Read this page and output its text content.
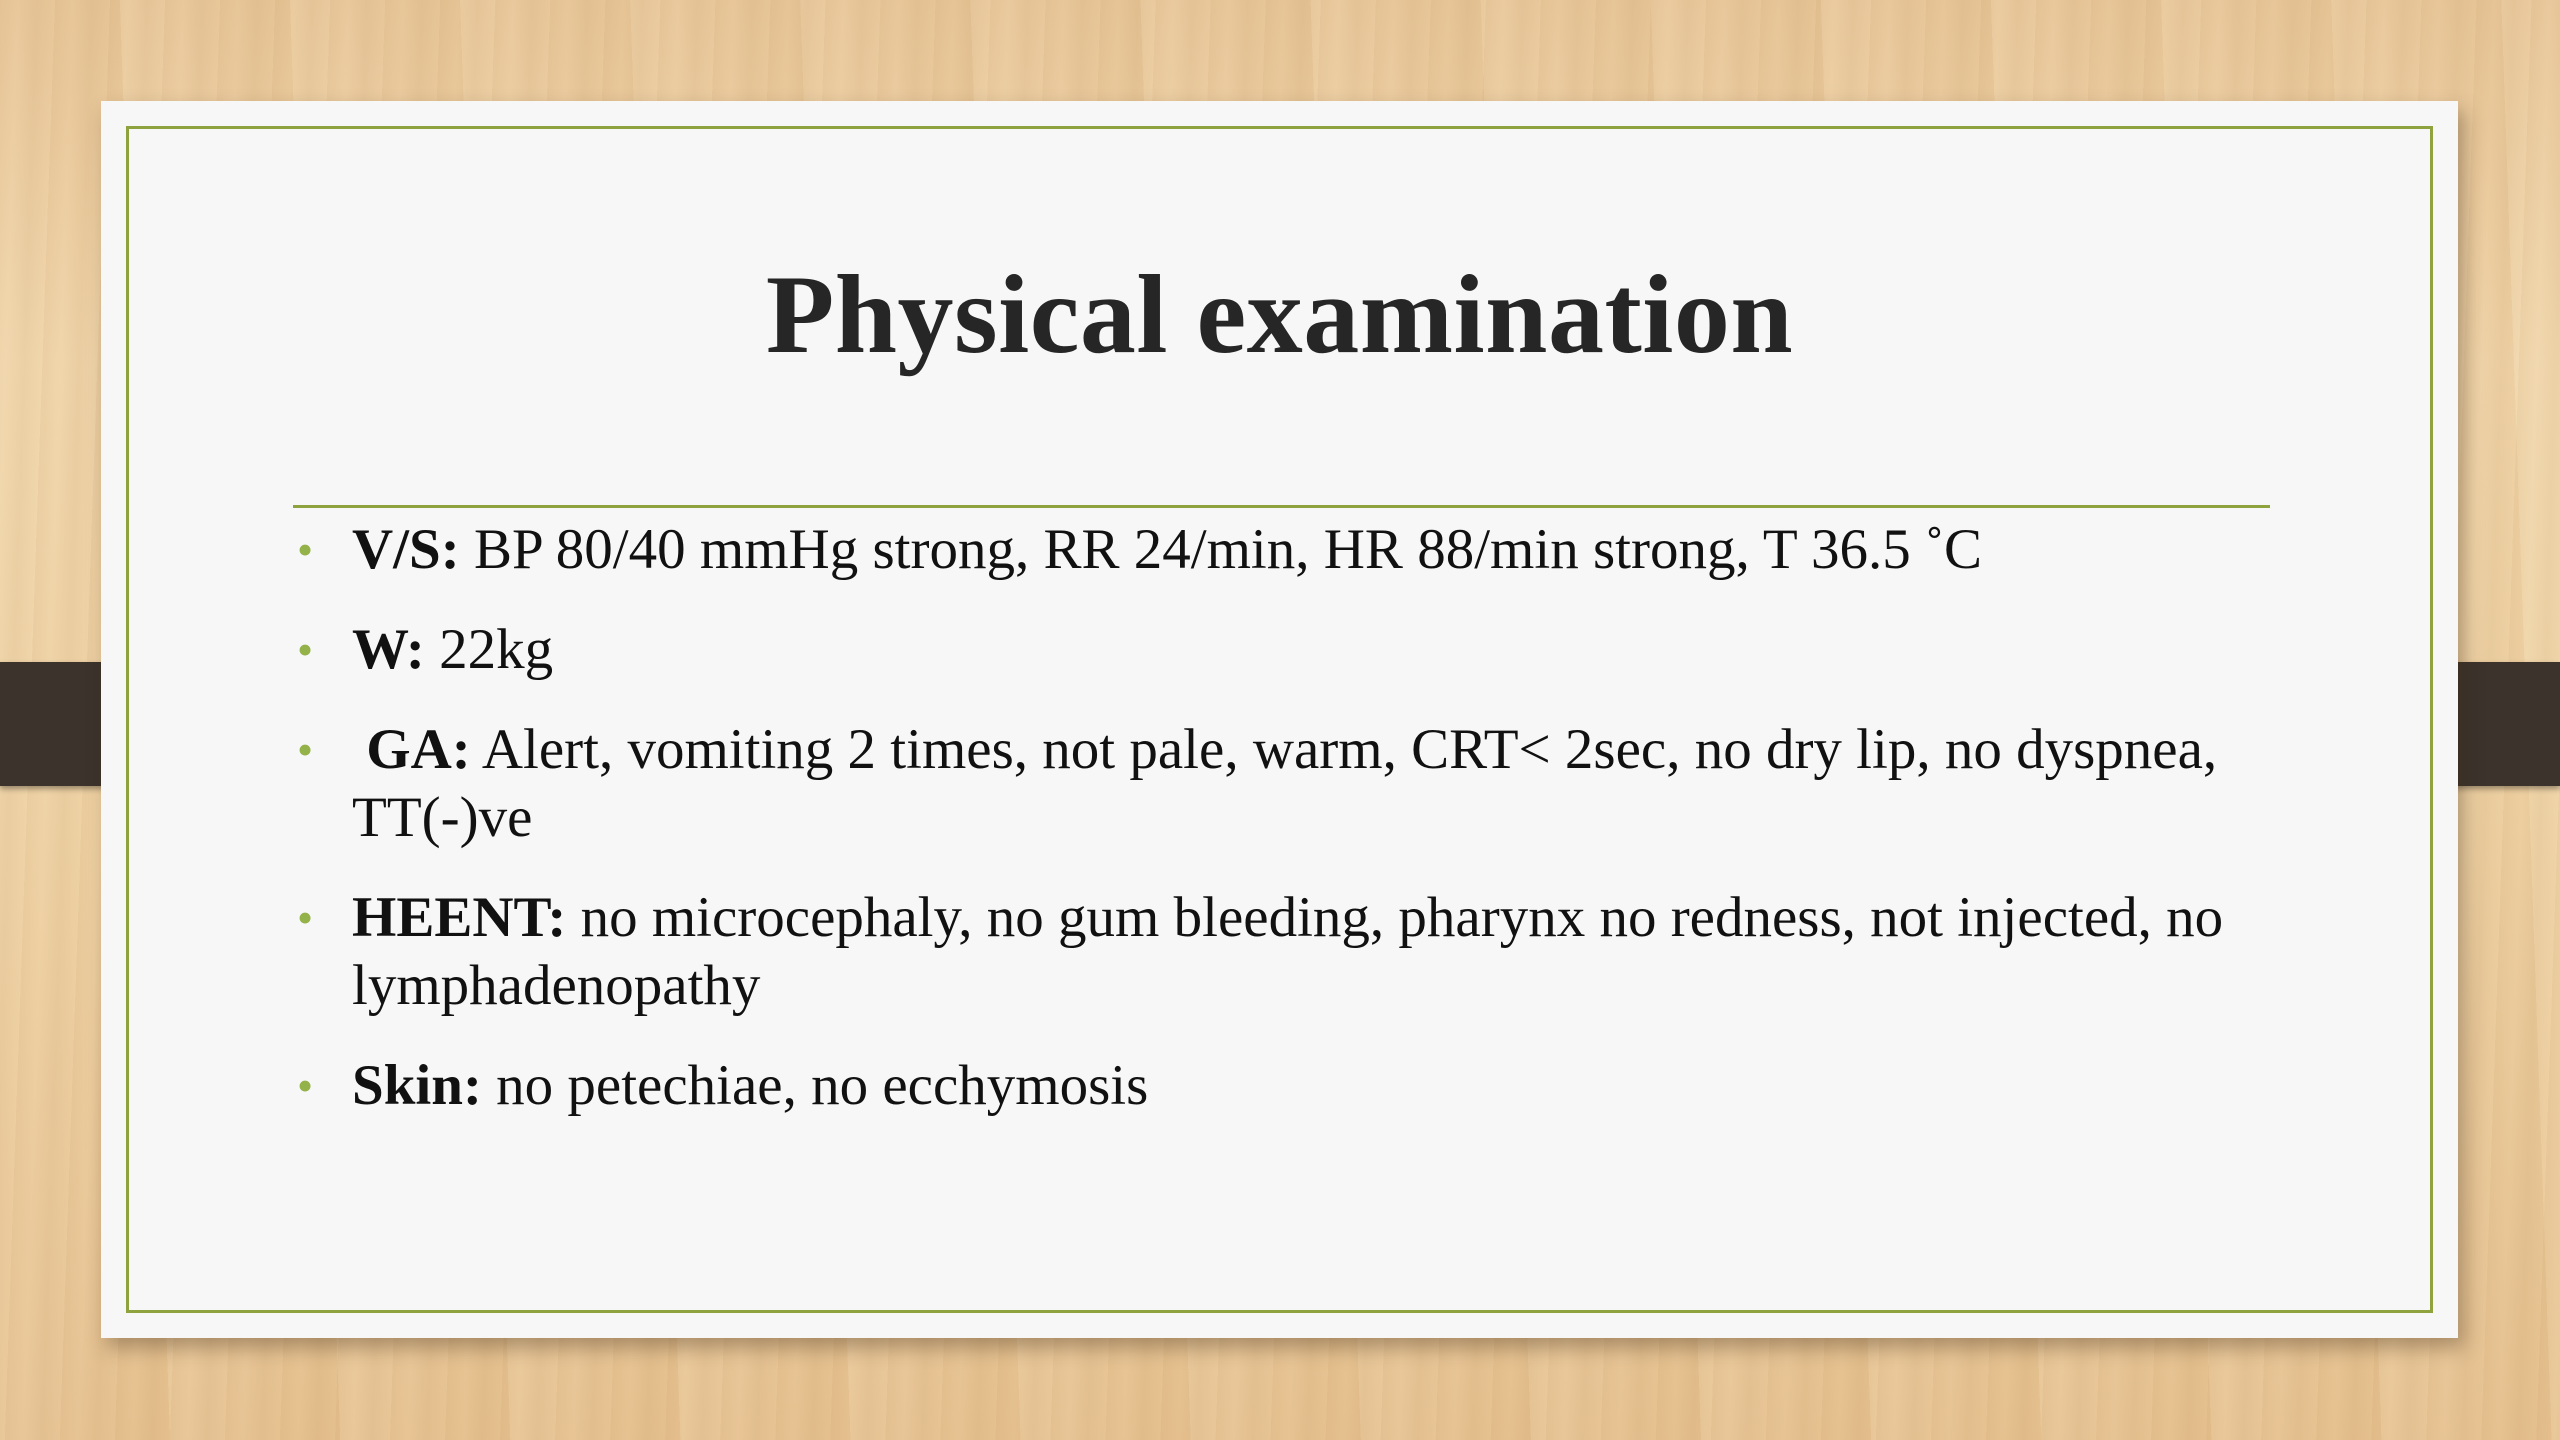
Physical examination
• V/S: BP 80/40 mmHg strong, RR 24/min, HR 88/min strong, T 36.5 ˚C
• W: 22kg
• GA: Alert, vomiting 2 times, not pale, warm, CRT< 2sec, no dry lip, no dyspnea, TT(-)ve
• HEENT: no microcephaly, no gum bleeding, pharynx no redness, not injected, no lymphadenopathy
• Skin: no petechiae, no ecchymosis
